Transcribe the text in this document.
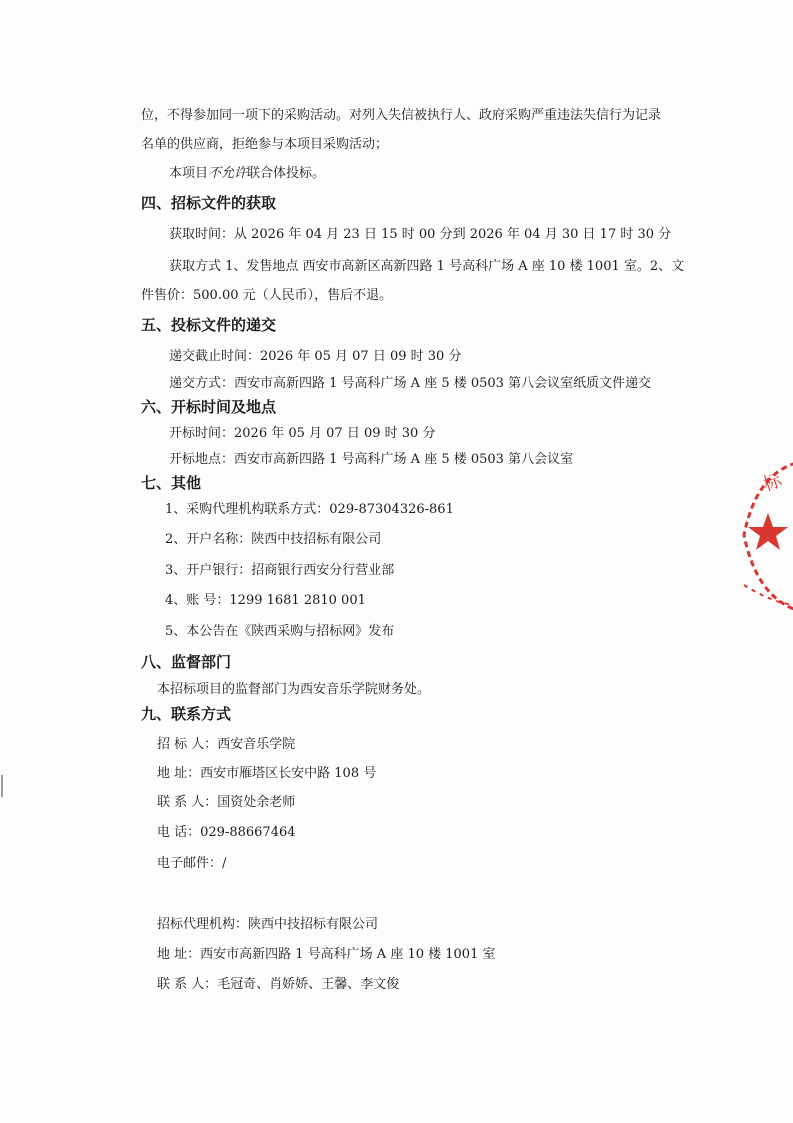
位，不得参加同一项下的采购活动。对列入失信被执行人、政府采购严重违法失信行为记录
名单的供应商，拒绝参与本项目采购活动；
本项目不允许联合体投标。
四、招标文件的获取
获取时间：从 2026 年 04 月 23 日 15 时 00 分到 2026 年 04 月 30 日 17 时 30 分
获取方式 1、发售地点 西安市高新区高新四路 1 号高科广场 A 座 10 楼 1001 室。2、文
件售价：500.00 元（人民币），售后不退。
五、投标文件的递交
递交截止时间：2026 年 05 月 07 日 09 时 30 分
递交方式：西安市高新四路 1 号高科广场 A 座 5 楼 0503 第八会议室纸质文件递交
六、开标时间及地点
开标时间：2026 年 05 月 07 日 09 时 30 分
开标地点：西安市高新四路 1 号高科广场 A 座 5 楼 0503 第八会议室
七、其他
1、采购代理机构联系方式：029-87304326-861
2、开户名称：陕西中技招标有限公司
3、开户银行：招商银行西安分行营业部
4、账 号：1299 1681 2810 001
5、本公告在《陕西采购与招标网》发布
八、监督部门
本招标项目的监督部门为西安音乐学院财务处。
九、联系方式
招 标 人：西安音乐学院
地 址：西安市雁塔区长安中路 108 号
联 系 人：国资处余老师
电 话：029-88667464
电子邮件：/
招标代理机构：陕西中技招标有限公司
地 址：西安市高新四路 1 号高科广场 A 座 10 楼 1001 室
联 系 人：毛冠奇、肖娇娇、王馨、李文俊
标
